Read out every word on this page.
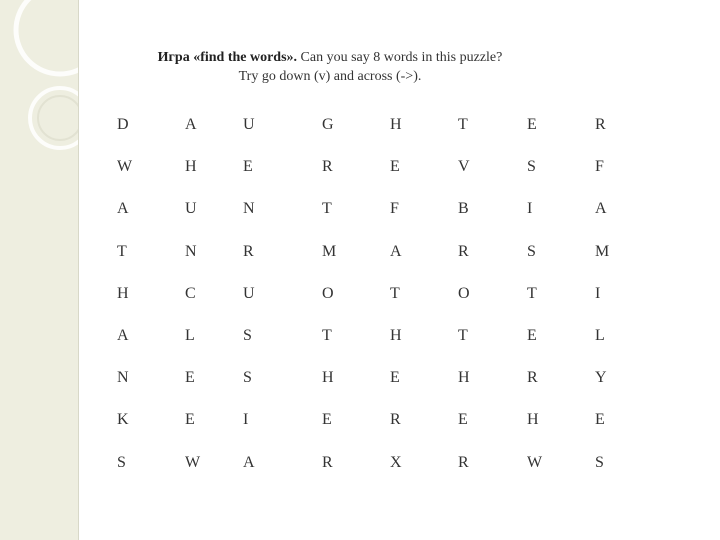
Игра «find the words». Can you say 8 words in this puzzle?
Try go down (v) and across (->).
D	A	U	G	H	T	E	R
W	H	E	R	E	V	S	F
A	U	N	T	F	B	I	A
T	N	R	M	A	R	S	M
H	C	U	O	T	O	T	I
A	L	S	T	H	T	E	L
N	E	S	H	E	H	R	Y
K	E	I	E	R	E	H	E
S	W	A	R	X	R	W	S
